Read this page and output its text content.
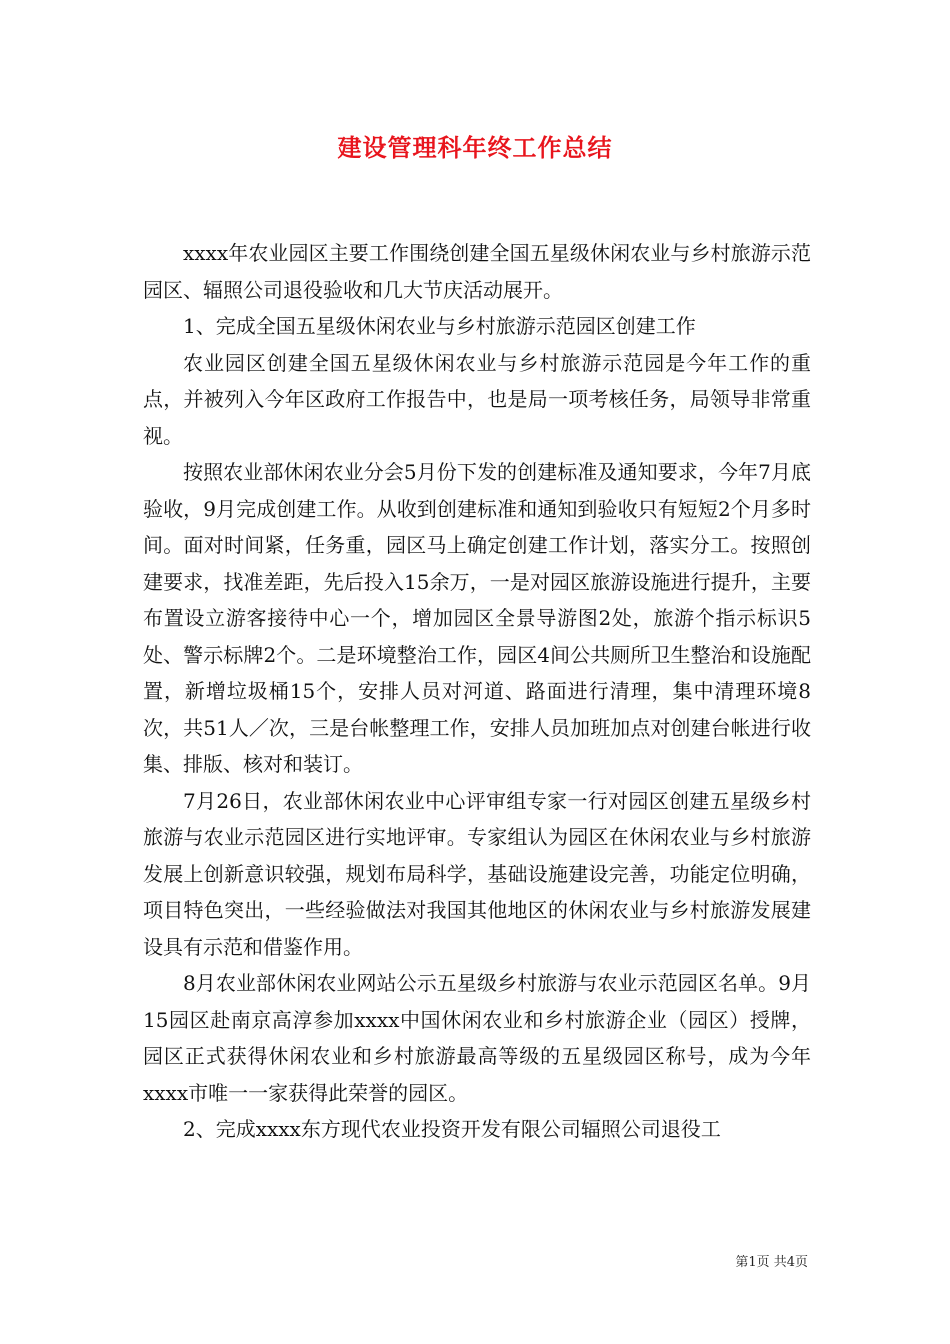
建设管理科年终工作总结

xxxx年农业园区主要工作围绕创建全国五星级休闲农业与乡村旅游示范园区、辐照公司退役验收和几大节庆活动展开。

1、完成全国五星级休闲农业与乡村旅游示范园区创建工作

农业园区创建全国五星级休闲农业与乡村旅游示范园是今年工作的重点，并被列入今年区政府工作报告中，也是局一项考核任务，局领导非常重视。

按照农业部休闲农业分会5月份下发的创建标准及通知要求，今年7月底验收，9月完成创建工作。从收到创建标准和通知到验收只有短短2个月多时间。面对时间紧，任务重，园区马上确定创建工作计划，落实分工。按照创建要求，找准差距，先后投入15余万，一是对园区旅游设施进行提升，主要布置设立游客接待中心一个，增加园区全景导游图2处，旅游个指示标识5处、警示标牌2个。二是环境整治工作，园区4间公共厕所卫生整治和设施配置，新增垃圾桶15个，安排人员对河道、路面进行清理，集中清理环境8次，共51人／次，三是台帐整理工作，安排人员加班加点对创建台帐进行收集、排版、核对和装订。

7月26日，农业部休闲农业中心评审组专家一行对园区创建五星级乡村旅游与农业示范园区进行实地评审。专家组认为园区在休闲农业与乡村旅游发展上创新意识较强，规划布局科学，基础设施建设完善，功能定位明确，项目特色突出，一些经验做法对我国其他地区的休闲农业与乡村旅游发展建设具有示范和借鉴作用。

8月农业部休闲农业网站公示五星级乡村旅游与农业示范园区名单。9月15园区赴南京高淳参加xxxx中国休闲农业和乡村旅游企业（园区）授牌，园区正式获得休闲农业和乡村旅游最高等级的五星级园区称号，成为今年xxxx市唯一一家获得此荣誉的园区。

2、完成xxxx东方现代农业投资开发有限公司辐照公司退役工

第1页 共4页
